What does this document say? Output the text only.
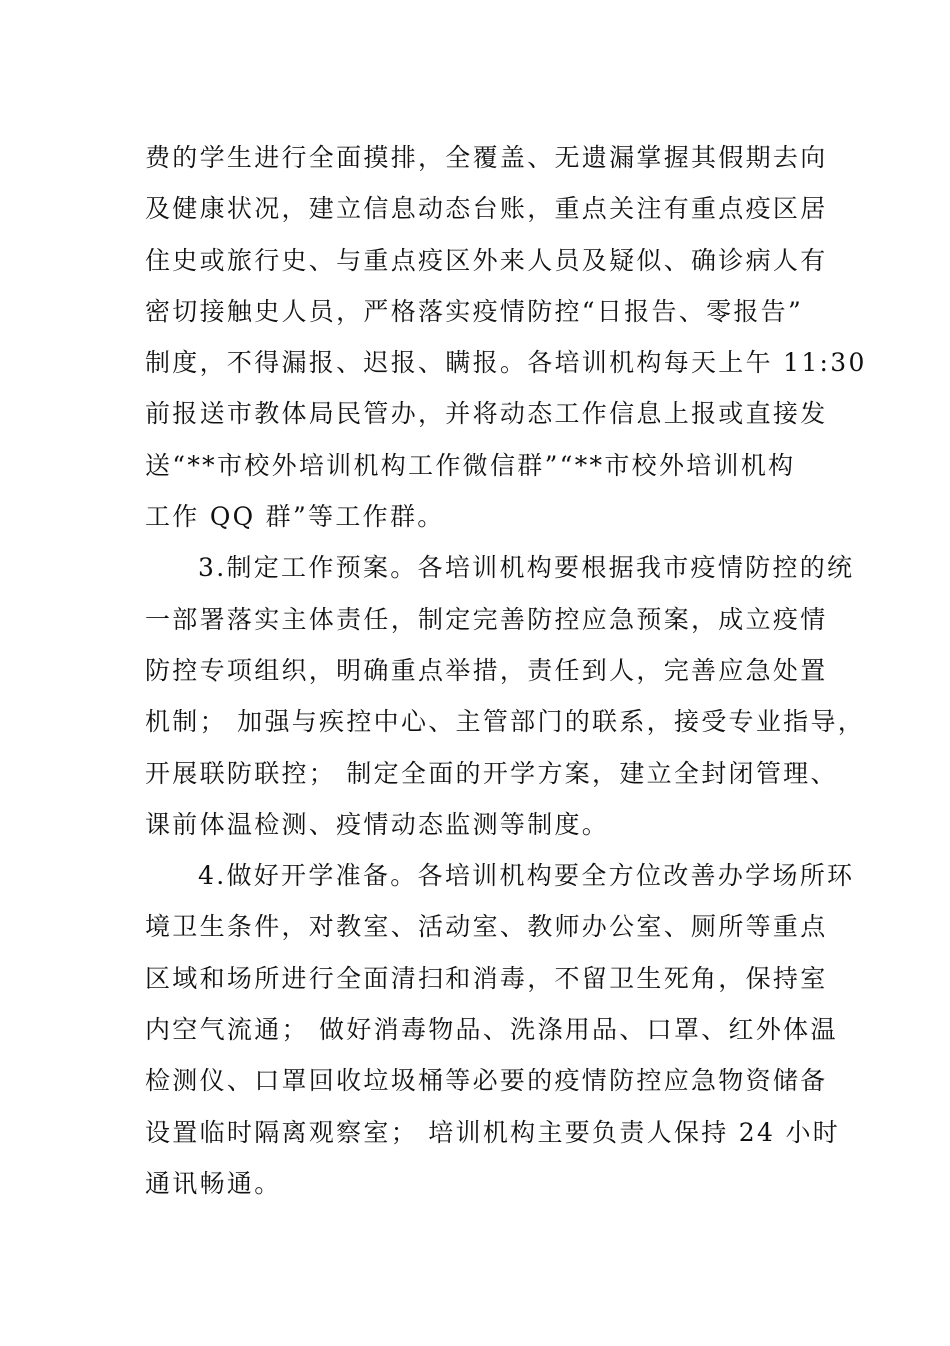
费的学生进行全面摸排，全覆盖、无遗漏掌握其假期去向
及健康状况，建立信息动态台账，重点关注有重点疫区居
住史或旅行史、与重点疫区外来人员及疑似、确诊病人有
密切接触史人员，严格落实疫情防控“日报告、零报告”
制度，不得漏报、迟报、瞒报。各培训机构每天上午 11:30
前报送市教体局民管办，并将动态工作信息上报或直接发
送“**市校外培训机构工作微信群”“**市校外培训机构
工作 QQ 群”等工作群。
3.制定工作预案。各培训机构要根据我市疫情防控的统
一部署落实主体责任，制定完善防控应急预案，成立疫情
防控专项组织，明确重点举措，责任到人，完善应急处置
机制； 加强与疾控中心、主管部门的联系，接受专业指导，
开展联防联控； 制定全面的开学方案，建立全封闭管理、
课前体温检测、疫情动态监测等制度。
4.做好开学准备。各培训机构要全方位改善办学场所环
境卫生条件，对教室、活动室、教师办公室、厕所等重点
区域和场所进行全面清扫和消毒，不留卫生死角，保持室
内空气流通； 做好消毒物品、洗涤用品、口罩、红外体温
检测仪、口罩回收垃圾桶等必要的疫情防控应急物资储备
设置临时隔离观察室； 培训机构主要负责人保持 24 小时
通讯畅通。
